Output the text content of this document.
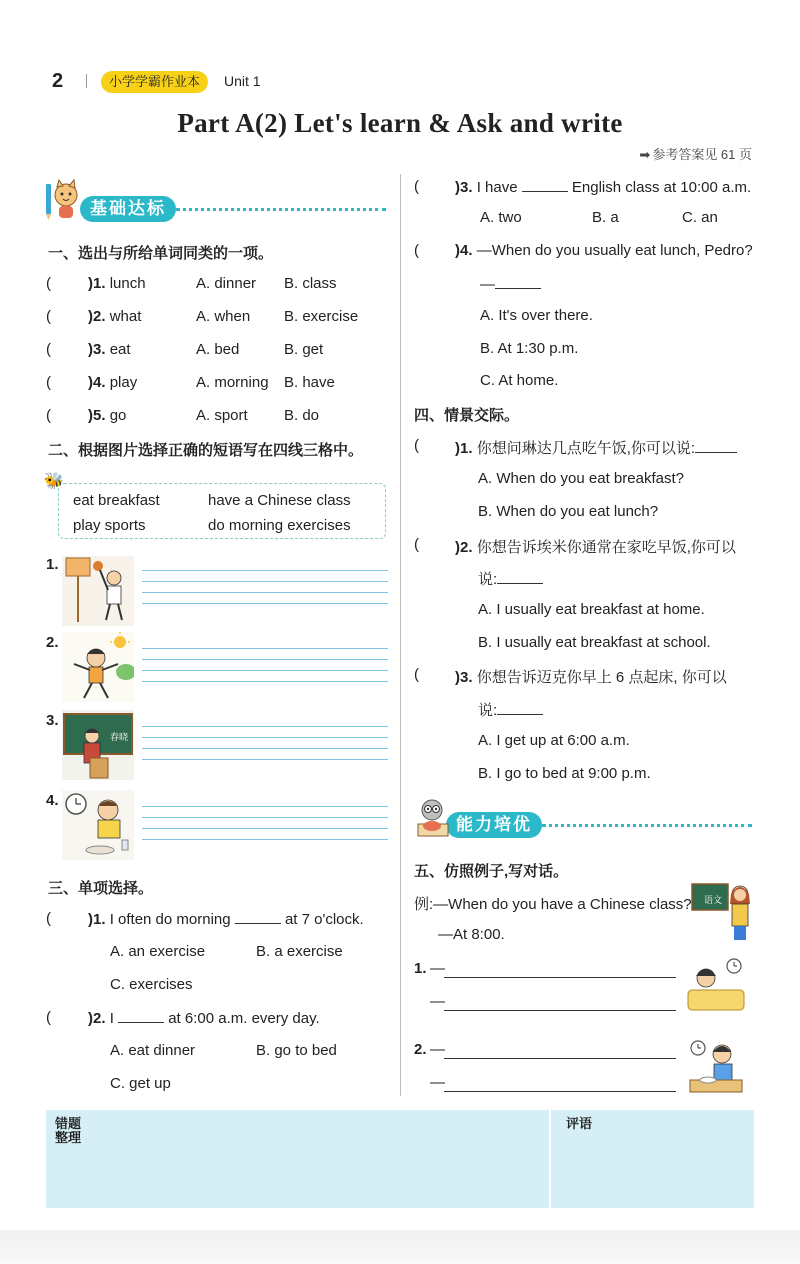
2	小学学霸作业本	Unit 1
Part A(2) Let's learn & Ask and write
➡ 参考答案见 61 页
基础达标
一、选出与所给单词同类的一项。
( )1. lunch	A. dinner B. class
( )2. what	A. when B. exercise
( )3. eat	A. bed	B. get
( )4. play	A. morning B. have
( )5. go	A. sport B. do
二、根据图片选择正确的短语写在四线三格中。
🐝
eat breakfast	have a Chinese class
play sports	do morning exercises
1.
2.
3.
春晓
4.
三、单项选择。
( )1. I often do morning	at 7 o'clock.
A. an exercise	B. a exercise
C. exercises
( )2. I	at 6:00 a.m. every day.
A. eat dinner	B. go to bed
C. get up
( )3. I have	English class at 10:00 a.m.
A. two	B. a	C. an
( )4. —When do you usually eat lunch, Pedro?
—
A. It's over there.
B. At 1:30 p.m.
C. At home.
四、情景交际。
( )1. 你想问琳达几点吃午饭,你可以说:
A. When do you eat breakfast?
B. When do you eat lunch?
( )2. 你想告诉埃米你通常在家吃早饭,你可以
说:
A. I usually eat breakfast at home.
B. I usually eat breakfast at school.
( )3. 你想告诉迈克你早上 6 点起床, 你可以
说:
A. I get up at 6:00 a.m.
B. I go to bed at 9:00 p.m.
能力培优
五、仿照例子,写对话。
例:—When do you have a Chinese class?
—At 8:00.
语文
1. —
—
2. —
—
错题
整理
评语
